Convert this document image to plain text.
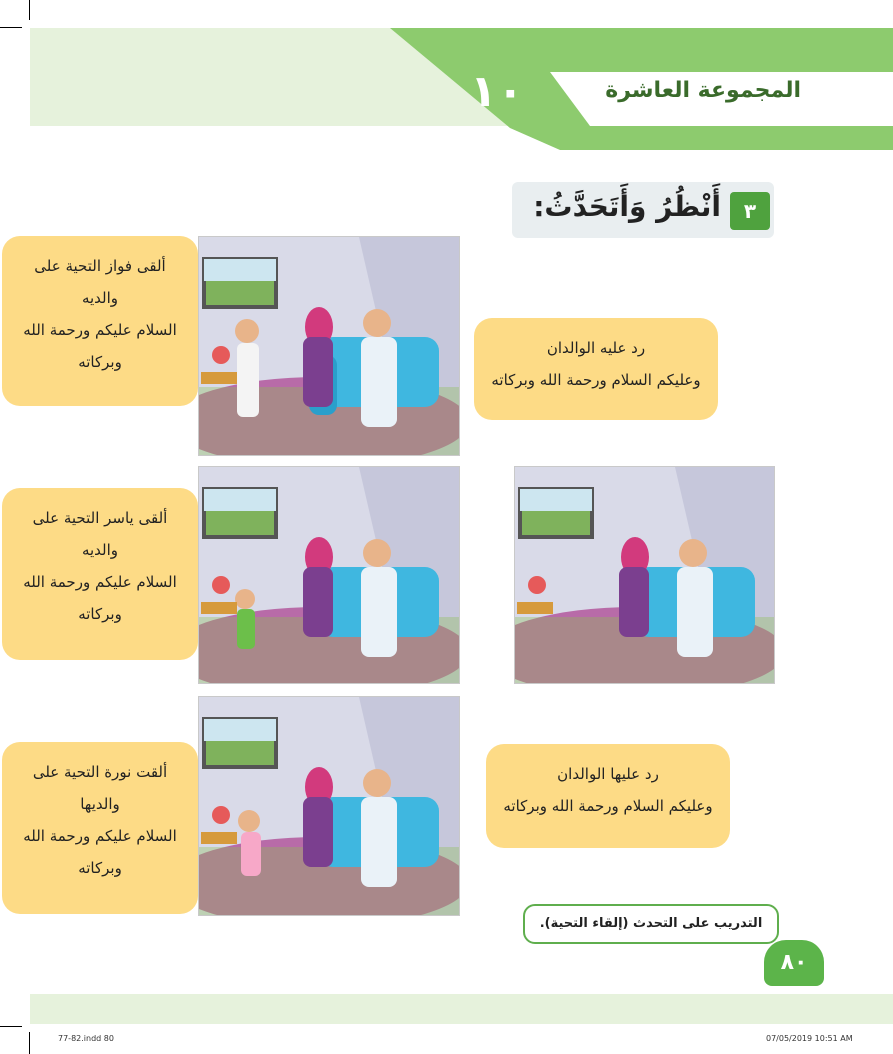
المجموعة العاشرة
١٠
٣
أَنْظُرُ وَأَتَحَدَّثُ:

ألقى فواز التحية على

والديه

السلام عليكم ورحمة الله

وبركاته

رد عليه الوالدان

وعليكم السلام ورحمة الله وبركاته

ألقى ياسر التحية على

والديه

السلام عليكم ورحمة الله

وبركاته

ألقت نورة التحية على

والديها

السلام عليكم ورحمة الله

وبركاته

رد عليها الوالدان

وعليكم السلام ورحمة الله وبركاته

التدريب على التحدث (إلقاء التحية).
٨٠
77-82.indd 80	07/05/2019 10:51 AM
